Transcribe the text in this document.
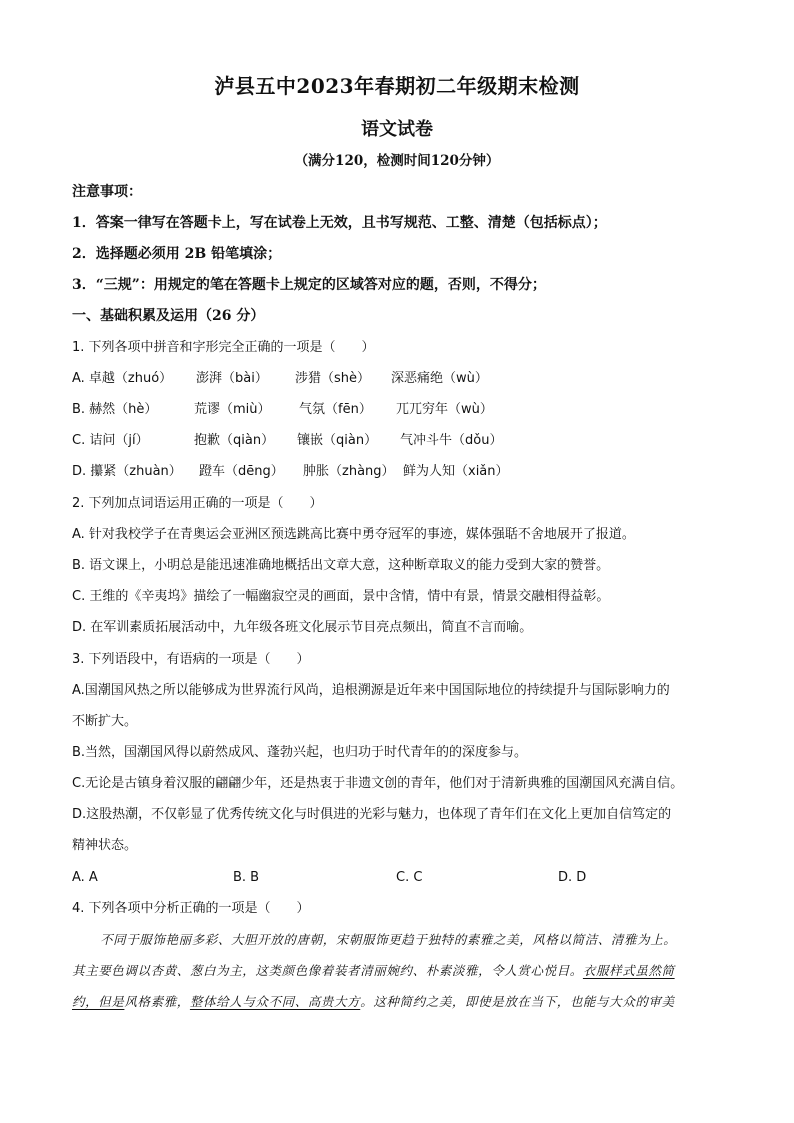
泸县五中2023年春期初二年级期末检测
语文试卷
（满分120，检测时间120分钟）
注意事项：
1．答案一律写在答题卡上，写在试卷上无效，且书写规范、工整、清楚（包括标点）；
2．选择题必须用 2B 铅笔填涂；
3．“三规”：用规定的笔在答题卡上规定的区域答对应的题，否则，不得分；
一、基础积累及运用（26 分）
1. 下列各项中拼音和字形完全正确的一项是（　　）
A. 卓越（zhuó） 澎湃（bài） 涉猎（shè） 深恶痛绝（wù）
B. 赫然（hè）	荒谬（miù） 气氛（fēn） 兀兀穷年（wù）
C. 诘问（jí）	抱歉（qiàn） 镶嵌（qiàn） 气冲斗牛（dǒu）
D. 攥紧（zhuàn） 蹬车（dēng） 肿胀（zhàng） 鲜为人知（xiǎn）
2. 下列加点词语运用正确的一项是（　　）
A. 针对我校学子在青奥运会亚洲区预选跳高比赛中勇夺冠军的事迹，媒体强聒不舍地展开了报道。
B. 语文课上，小明总是能迅速准确地概括出文章大意，这种断章取义的能力受到大家的赞誉。
C. 王维的《辛夷坞》描绘了一幅幽寂空灵的画面，景中含情，情中有景，情景交融相得益彰。
D. 在军训素质拓展活动中，九年级各班文化展示节目亮点频出，简直不言而喻。
3. 下列语段中，有语病的一项是（　　）
A.国潮国风热之所以能够成为世界流行风尚，追根溯源是近年来中国国际地位的持续提升与国际影响力的
不断扩大。
B.当然，国潮国风得以蔚然成风、蓬勃兴起，也归功于时代青年的的深度参与。
C.无论是古镇身着汉服的翩翩少年，还是热衷于非遗文创的青年，他们对于清新典雅的国潮国风充满自信。
D.这股热潮，不仅彰显了优秀传统文化与时俱进的光彩与魅力，也体现了青年们在文化上更加自信笃定的
精神状态。
A. A	B. B	C. C	D. D
4. 下列各项中分析正确的一项是（　　）
不同于服饰艳丽多彩、大胆开放的唐朝，宋朝服饰更趋于独特的素雅之美，风格以简洁、清雅为上。
其主要色调以杏黄、葱白为主，这类颜色像着装者清丽婉约、朴素淡雅，令人赏心悦目。衣服样式虽然简
约，但是风格素雅，整体给人与众不同、高贵大方。这种简约之美，即使是放在当下，也能与大众的审美
